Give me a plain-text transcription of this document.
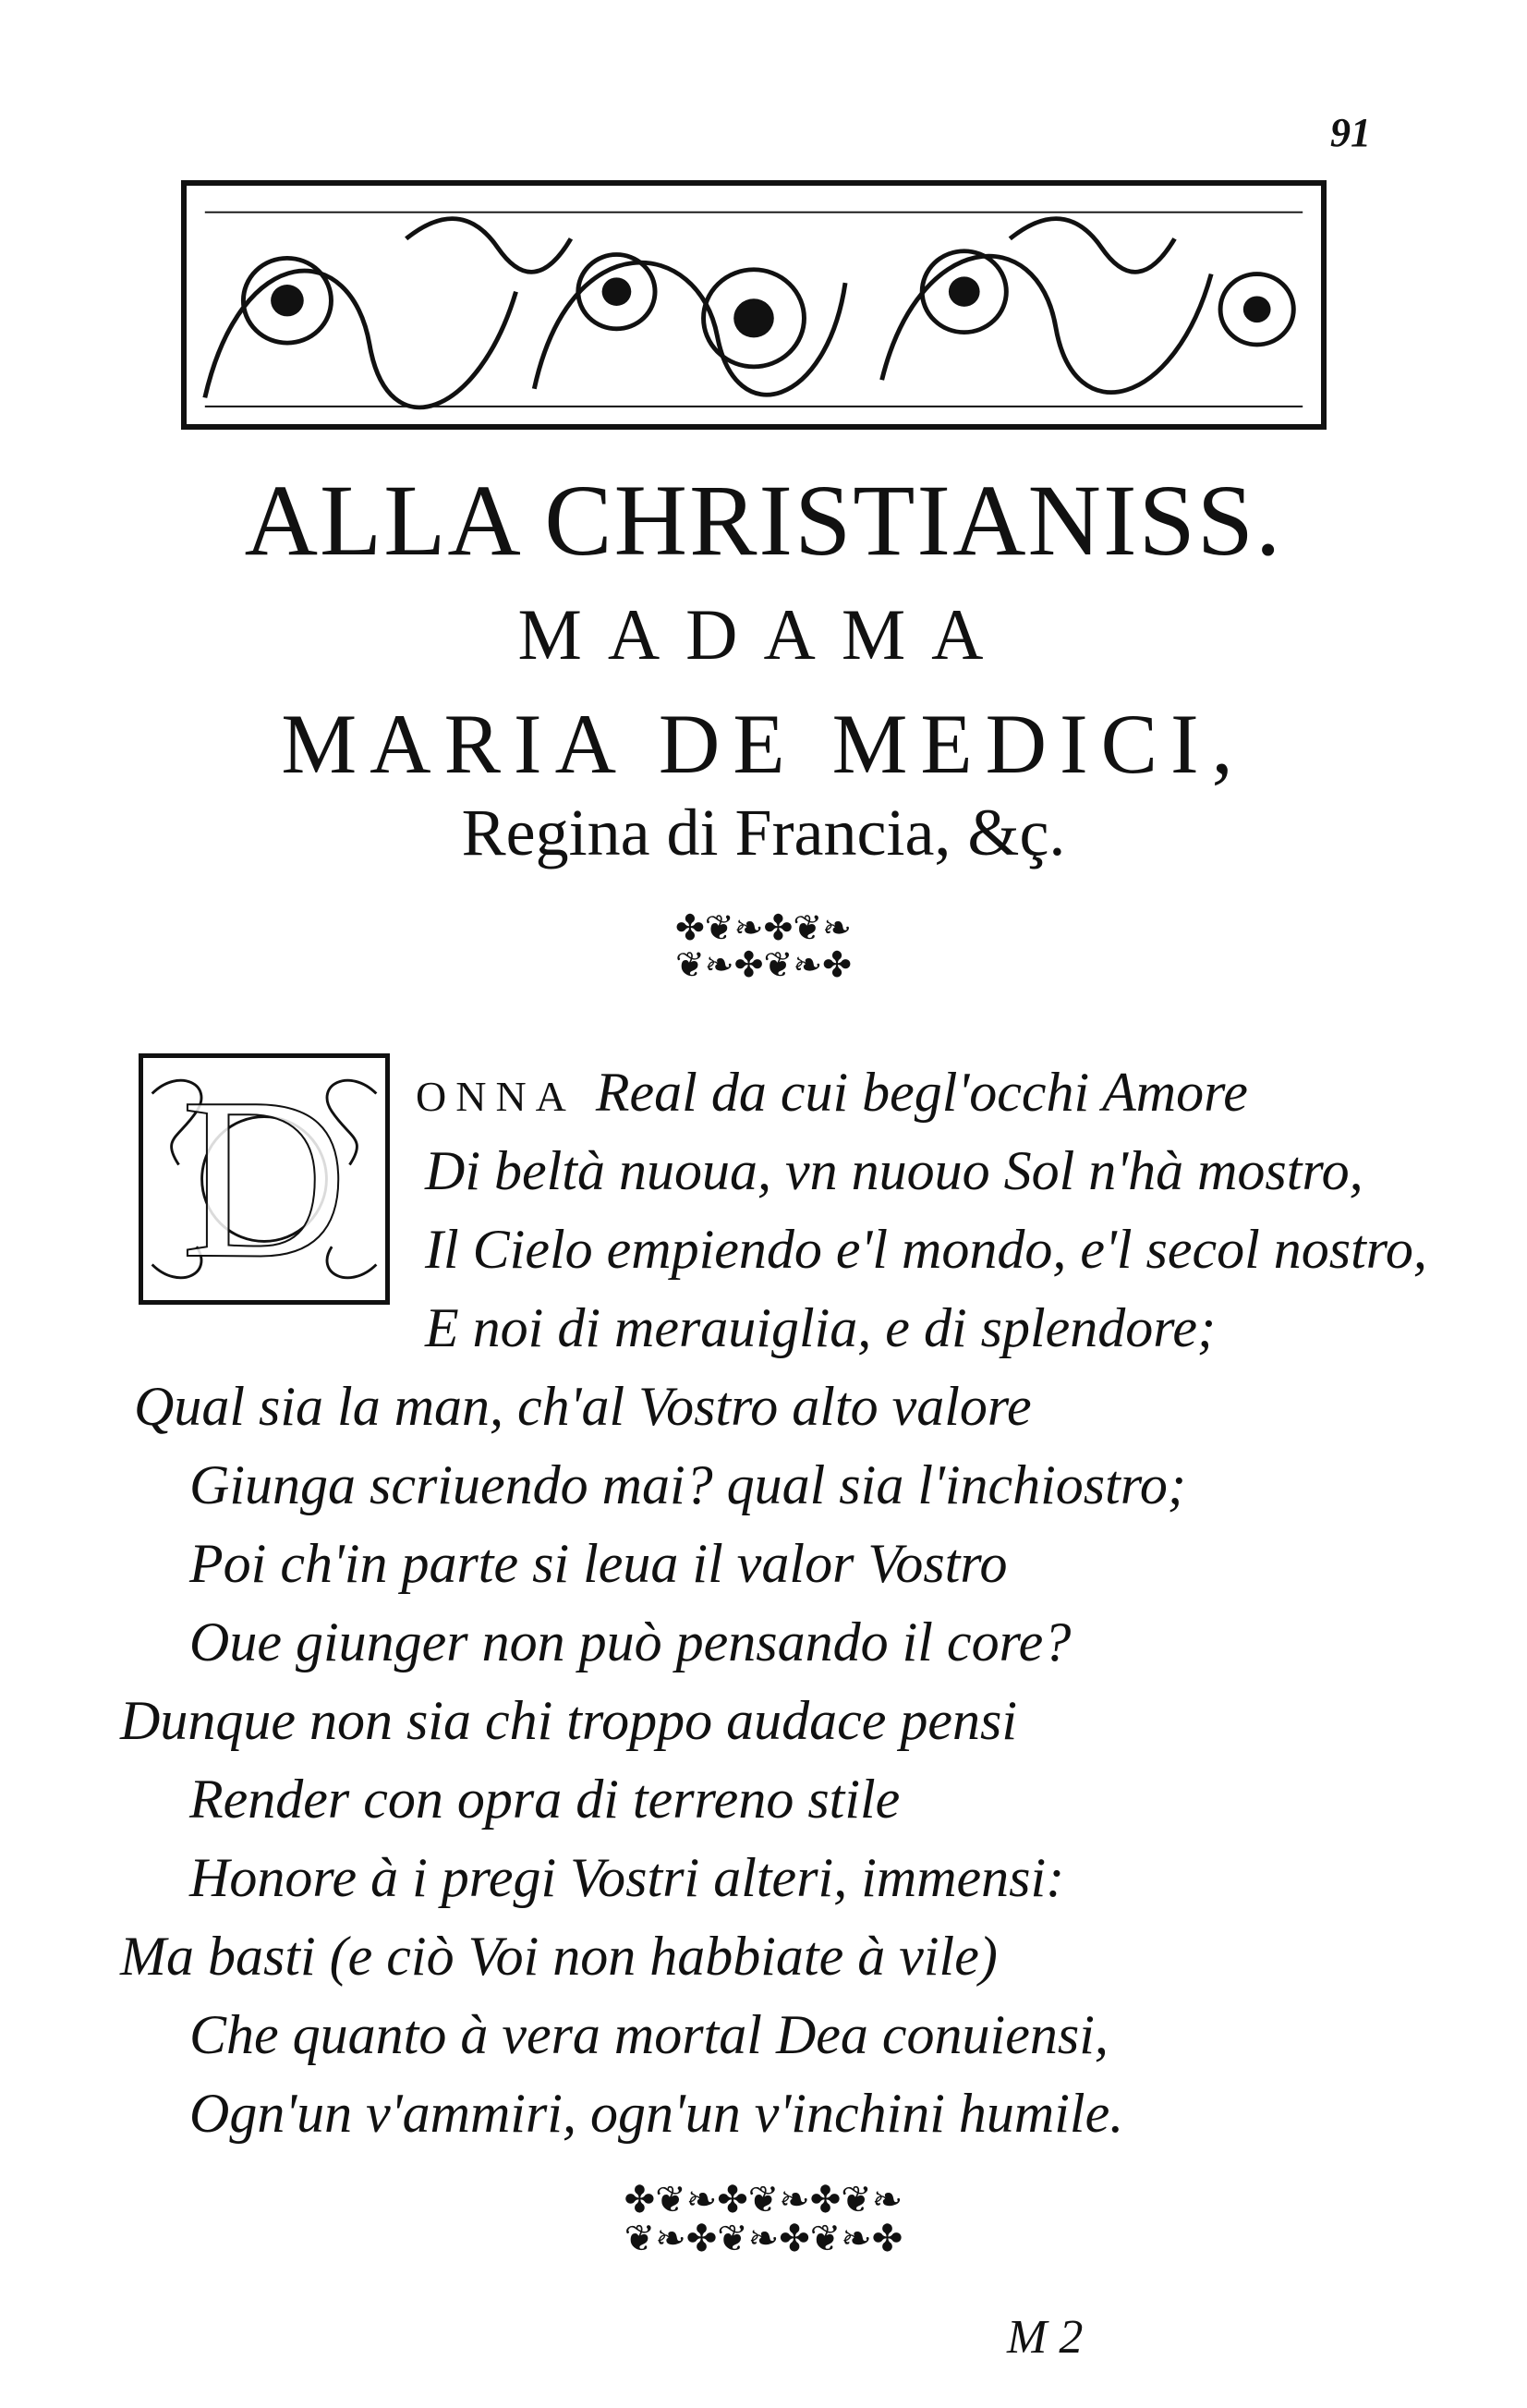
91
ALLA CHRISTIANISS.
MADAMA
MARIA DE MEDICI,
Regina di Francia, &ç.
✤❦❧✤❦❧
❦❧✤❦❧✤
D	ONNA Real da cui begl'occhi Amore
Di beltà nuoua, vn nuouo Sol n'hà mostro,
Il Cielo empiendo e'l mondo, e'l secol nostro,
E noi di merauiglia, e di splendore;
Qual sia la man, ch'al Vostro alto valore
Giunga scriuendo mai? qual sia l'inchiostro;
Poi ch'in parte si leua il valor Vostro
Oue giunger non può pensando il core?
Dunque non sia chi troppo audace pensi
Render con opra di terreno stile
Honore à i pregi Vostri alteri, immensi:
Ma basti (e ciò Voi non habbiate à vile)
Che quanto à vera mortal Dea conuiensi,
Ogn'un v'ammiri, ogn'un v'inchini humile.
✤❦❧✤❦❧✤❦❧
❦❧✤❦❧✤❦❧✤
M 2
